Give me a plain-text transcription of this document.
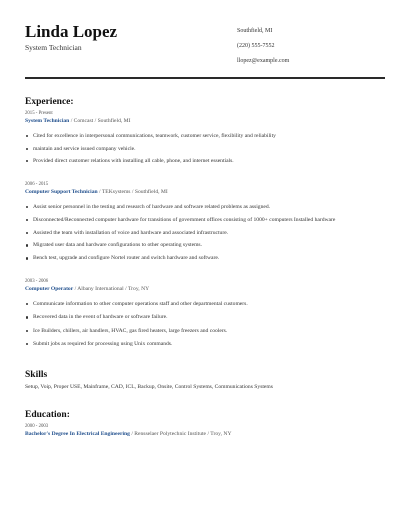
Linda Lopez
System Technician
Southfield, MI
(220) 555-7552
llopez@example.com
Experience:
2015 - Present
System Technician / Comcast / Southfield, MI
Cited for excellence in interpersonal communications, teamwork, customer service, flexibility and reliability
maintain and service issued company vehicle.
Provided direct customer relations with installing all cable, phone, and internet essentials.
2006 - 2015
Computer Support Technician / TEKsystems / Southfield, MI
Assist senior personnel in the testing and research of hardware and software related problems as assigned.
Disconnected/Reconnected computer hardware for transitions of government offices consisting of 1000+ computers Installed hardware
Assisted the team with installation of voice and hardware and associated infrastructure.
Migrated user data and hardware configurations to other operating systems.
Bench test, upgrade and configure Nortel router and switch hardware and software.
2003 - 2006
Computer Operator / Albany International / Troy, NY
Communicate information to other computer operations staff and other departmental customers.
Recovered data in the event of hardware or software failure.
Ice Builders, chillers, air handlers, HVAC, gas fired heaters, large freezers and coolers.
Submit jobs as required for processing using Unix commands.
Skills
Setup, Voip, Proper USE, Mainframe, CAD, ICL, Backup, Onsite, Control Systems, Communications Systems
Education:
2000 - 2003
Bachelor's Degree In Electrical Engineering / Rensselaer Polytechnic Institute / Troy, NY
